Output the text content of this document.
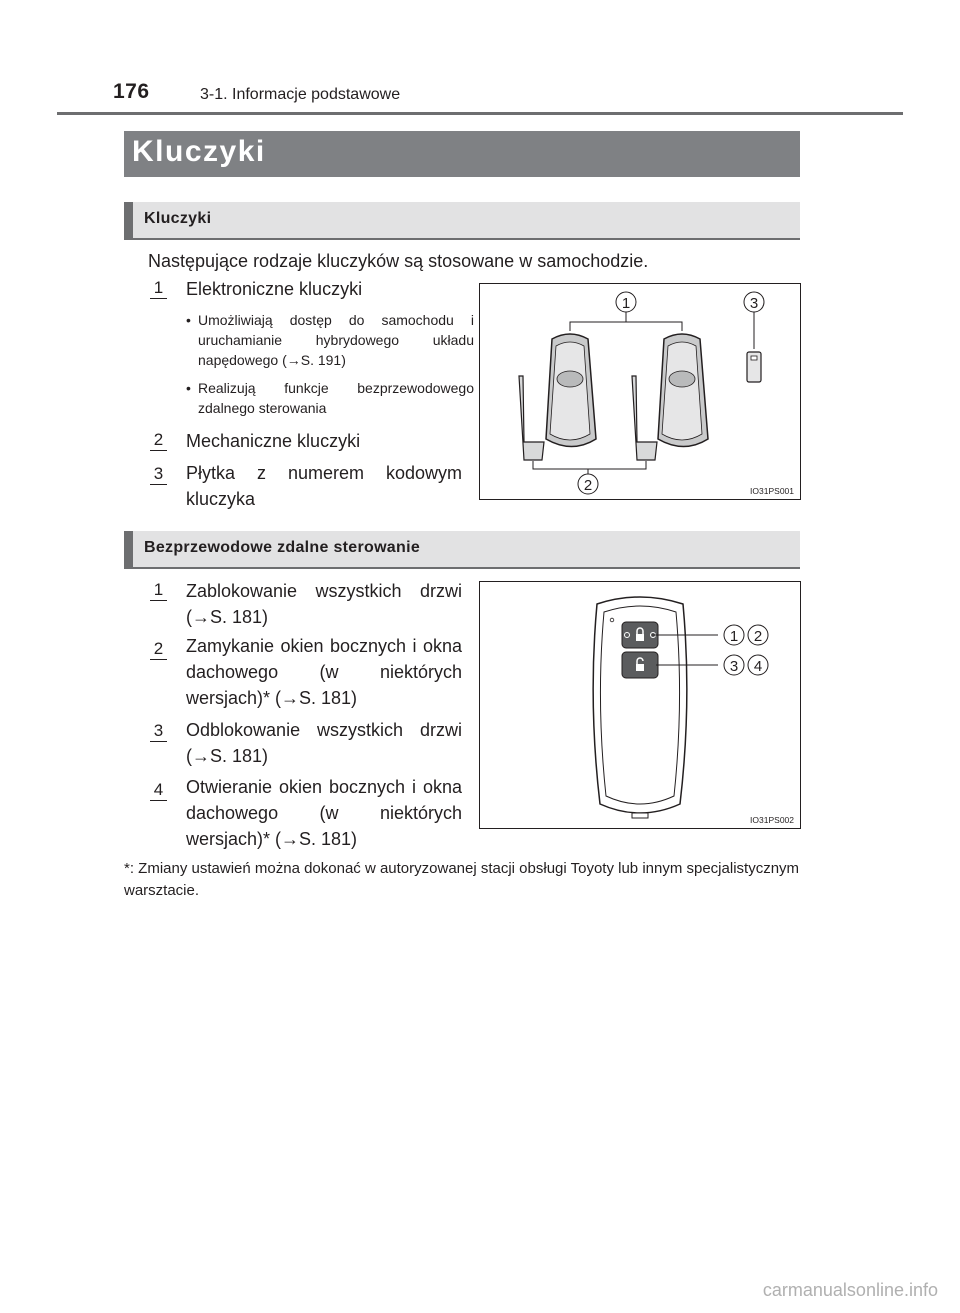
176	3-1. Informacje podstawowe
Kluczyki
Kluczyki
Następujące rodzaje kluczyków są stosowane w samochodzie.
1 Elektroniczne kluczyki
• Umożliwiają dostęp do samochodu i uruchamianie hybrydowego układu napędowego (→S. 191)
• Realizują funkcje bezprzewodowego zdalnego sterowania
2 Mechaniczne kluczyki
3 Płytka z numerem kodowym kluczyka
1	3
2	IO31PS001
Bezprzewodowe zdalne sterowanie
1 Zablokowanie wszystkich drzwi (→S. 181)
2 Zamykanie okien bocznych i okna dachowego (w niektórych wersjach)* (→S. 181)
3 Odblokowanie wszystkich drzwi (→S. 181)
4 Otwieranie okien bocznych i okna dachowego (w niektórych wersjach)* (→S. 181)
1 2
3 4
IO31PS002
*: Zmiany ustawień można dokonać w autoryzowanej stacji obsługi Toyoty lub innym specjalistycznym warsztacie.
carmanualsonline.info
